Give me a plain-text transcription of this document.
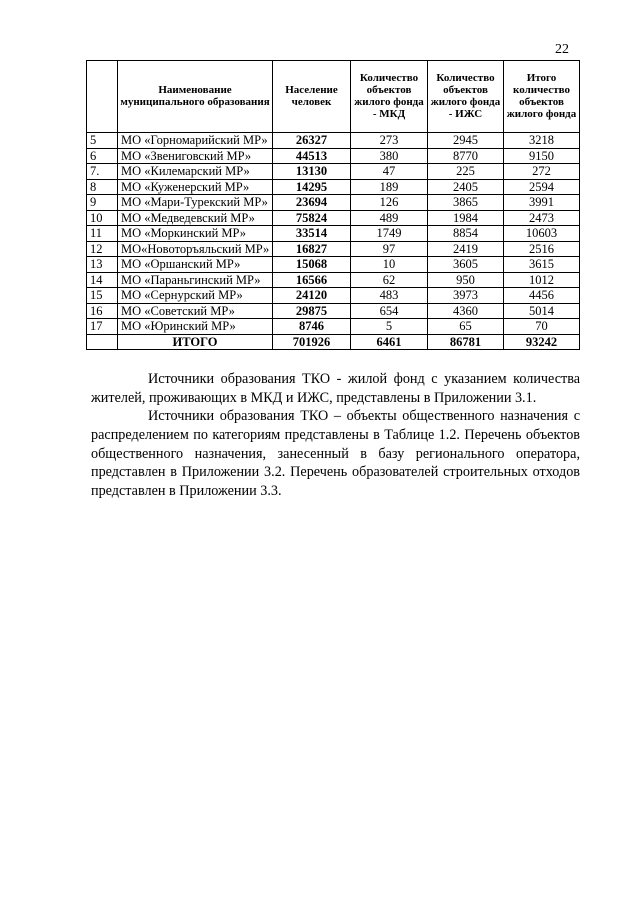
22
	Наименование муниципального образования	Население человек	Количество объектов жилого фонда - МКД	Количество объектов жилого фонда - ИЖС	Итого количество объектов жилого фонда
5	МО «Горномарийский МР»	26327	273	2945	3218
6	МО «Звениговский МР»	44513	380	8770	9150
7.	МО «Килемарский МР»	13130	47	225	272
8	МО «Куженерский МР»	14295	189	2405	2594
9	МО «Мари-Турекский МР»	23694	126	3865	3991
10	МО «Медведевский МР»	75824	489	1984	2473
11	МО «Моркинский МР»	33514	1749	8854	10603
12	МО«Новоторъяльский МР»	16827	97	2419	2516
13	МО «Оршанский МР»	15068	10	3605	3615
14	МО «Параньгинский МР»	16566	62	950	1012
15	МО «Сернурский МР»	24120	483	3973	4456
16	МО «Советский МР»	29875	654	4360	5014
17	МО «Юринский МР»	8746	5	65	70
	ИТОГО	701926	6461	86781	93242

Источники образования ТКО - жилой фонд с указанием количества жителей, проживающих в МКД и ИЖС, представлены в Приложении 3.1.

Источники образования ТКО – объекты общественного назначения с распределением по категориям представлены в Таблице 1.2. Перечень объектов общественного назначения, занесенный в базу регионального оператора, представлен в Приложении 3.2. Перечень образователей строительных отходов представлен в Приложении 3.3.
